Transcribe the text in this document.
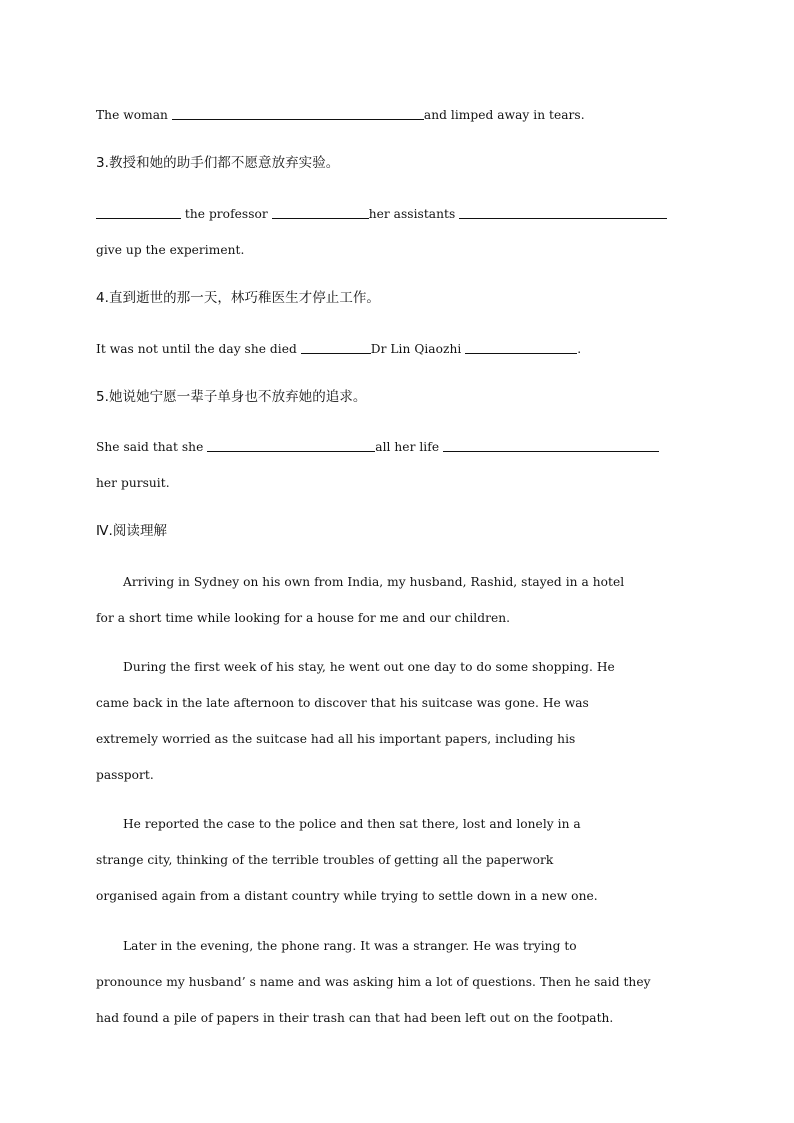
The woman	and limped away in tears.
3.教授和她的助手们都不愿意放弃实验。
the professor	her assistants
give up the experiment.
4.直到逝世的那一天，林巧稚医生才停止工作。
It was not until the day she died	Dr Lin Qiaozhi	.
5.她说她宁愿一辈子单身也不放弃她的追求。
She said that she	all her life
her pursuit.
Ⅳ.阅读理解
Arriving in Sydney on his own from India, my husband, Rashid, stayed in a hotel
for a short time while looking for a house for me and our children.
During the first week of his stay, he went out one day to do some shopping. He
came back in the late afternoon to discover that his suitcase was gone. He was
extremely worried as the suitcase had all his important papers, including his
passport.
He reported the case to the police and then sat there, lost and lonely in a
strange city, thinking of the terrible troubles of getting all the paperwork
organised again from a distant country while trying to settle down in a new one.
Later in the evening, the phone rang. It was a stranger. He was trying to
pronounce my husband’ s name and was asking him a lot of questions. Then he said they
had found a pile of papers in their trash can that had been left out on the footpath.
